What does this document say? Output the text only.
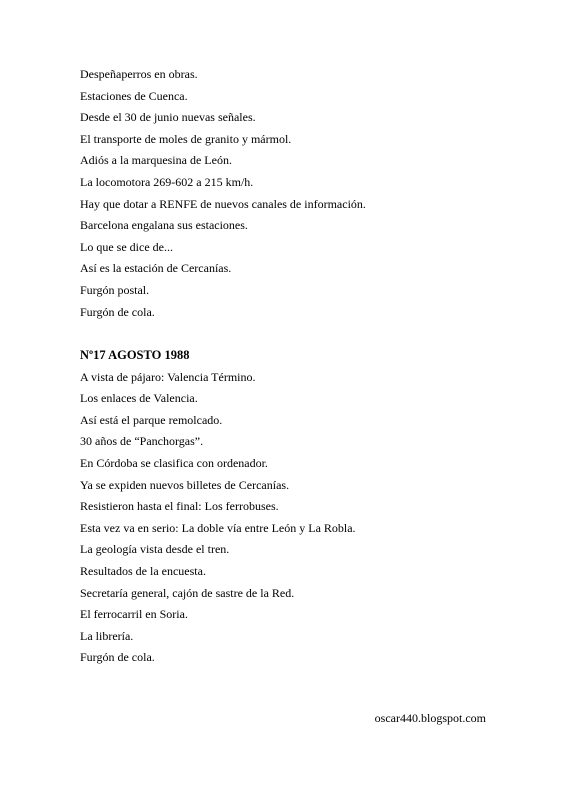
Despeñaperros en obras.
Estaciones de Cuenca.
Desde el 30 de junio nuevas señales.
El transporte de moles de granito y mármol.
Adiós a la marquesina de León.
La locomotora 269-602 a 215 km/h.
Hay que dotar a RENFE de nuevos canales de información.
Barcelona engalana sus estaciones.
Lo que se dice de...
Así es la estación de Cercanías.
Furgón postal.
Furgón de cola.
Nº17 AGOSTO 1988
A vista de pájaro: Valencia Término.
Los enlaces de Valencia.
Así está el parque remolcado.
30 años de “Panchorgas”.
En Córdoba se clasifica con ordenador.
Ya se expiden nuevos billetes de Cercanías.
Resistieron hasta el final: Los ferrobuses.
Esta vez va en serio: La doble vía entre León y La Robla.
La geología vista desde el tren.
Resultados de la encuesta.
Secretaría general, cajón de sastre de la Red.
El ferrocarril en Soria.
La librería.
Furgón de cola.
oscar440.blogspot.com
